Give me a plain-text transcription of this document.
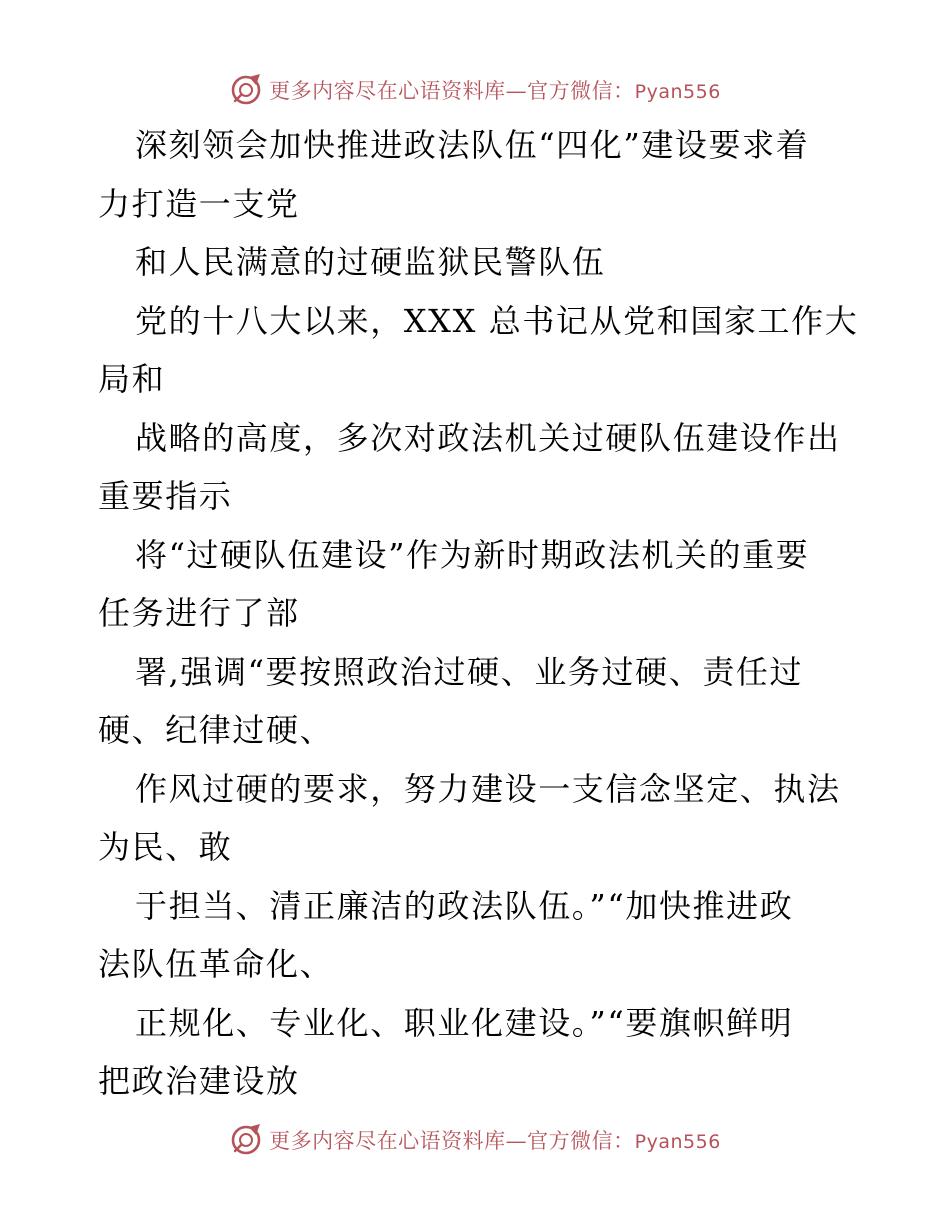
更多内容尽在心语资料库—官方微信：Pyan556
深刻领会加快推进政法队伍“四化”建设要求着
力打造一支党
和人民满意的过硬监狱民警队伍
党的十八大以来，XXX 总书记从党和国家工作大
局和
战略的高度，多次对政法机关过硬队伍建设作出
重要指示
将“过硬队伍建设”作为新时期政法机关的重要
任务进行了部
署,强调“要按照政治过硬、业务过硬、责任过
硬、纪律过硬、
作风过硬的要求，努力建设一支信念坚定、执法
为民、敢
于担当、清正廉洁的政法队伍。”“加快推进政
法队伍革命化、
正规化、专业化、职业化建设。”“要旗帜鲜明
把政治建设放
更多内容尽在心语资料库—官方微信：Pyan556
